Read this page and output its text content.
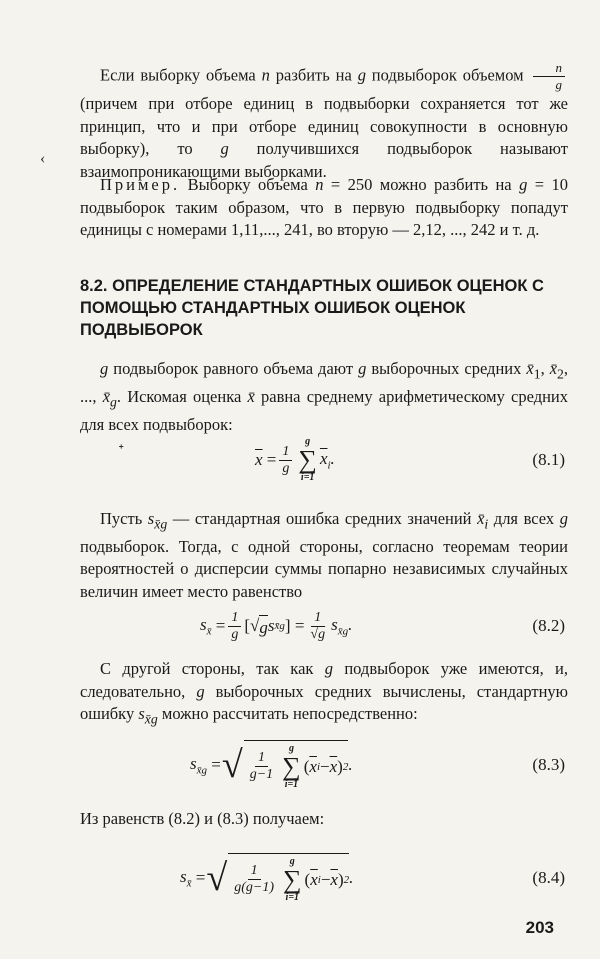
Если выборку объема n разбить на g подвыборок объемом $\frac{n}{g}$
(причем при отборе единиц в подвыборки сохраняется тот же принцип, что и при отборе единиц совокупности в основную выборку), то g получившихся подвыборок называют взаимопроникающими выборками.
Пример. Выборку объема n = 250 можно разбить на g = 10 подвыборок таким образом, что в первую подвыборку попадут единицы с номерами 1,11,..., 241, во вторую — 2,12, ..., 242 и т. д.
8.2. ОПРЕДЕЛЕНИЕ СТАНДАРТНЫХ ОШИБОК ОЦЕНОК С ПОМОЩЬЮ СТАНДАРТНЫХ ОШИБОК ОЦЕНОК ПОДВЫБОРОК
g подвыборок равного объема дают g выборочных средних $x̄_1$, $x̄_2$, ..., $x̄_g$. Искомая оценка x̄ равна среднему арифметическому средних для всех подвыборок:
$\overline{x} = \frac{1}{g}$
g
∑
i=1
$\overline{x}_i$.	(8.1)
Пусть $s_{x̄g}$ — стандартная ошибка средних значений $x̄_i$ для всех g подвыборок. Тогда, с одной стороны, согласно теоремам теории вероятностей о дисперсии суммы попарно независимых случайных величин имеет место равенство
$s_{x̄} = \frac{1}{g}$ [ √ g s x̄g ] = $\frac{1}{√g} s_{x̄g}$.	(8.2)
С другой стороны, так как g подвыборок уже имеются, и, следовательно, g выборочных средних вычислены, стандартную ошибку $s_{x̄g}$ можно рассчитать непосредственно:
$s_{x̄g}$ = √ $\frac{1}{g-1}$
g
∑
i=1
( $\overline{x}$ $i - \overline{x}$ ) 2 .	(8.3)
Из равенств (8.2) и (8.3) получаем:
$s_{x̄}$ = √ $\frac{1}{g(g-1)}$
g
∑
i=1
( $\overline{x}$ $i - \overline{x}$ ) 2 .	(8.4)
203
‹
ᐩ
